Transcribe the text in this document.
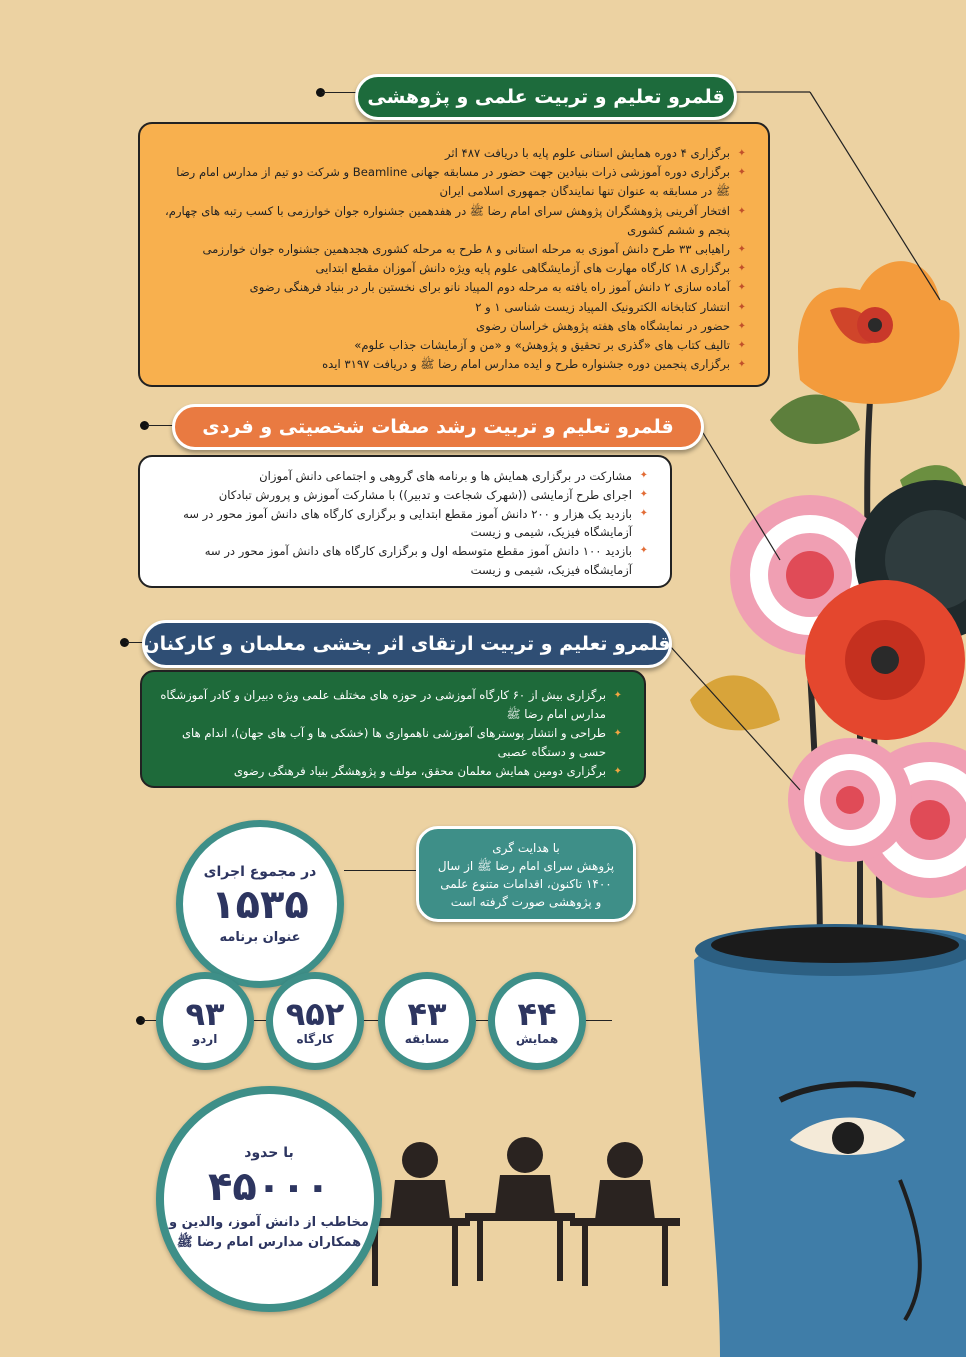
قلمرو تعلیم و تربیت علمی و پژوهشی
✦ برگزاری ۴ دوره همایش استانی علوم پایه با دریافت ۴۸۷ اثر
✦ برگزاری دوره آموزشی ذرات بنیادین جهت حضور در مسابقه جهانی Beamline و شرکت دو تیم از مدارس امام رضا ﷺ در مسابقه به عنوان تنها نمایندگان جمهوری اسلامی ایران
✦ افتخار آفرینی پژوهشگران پژوهش سرای امام رضا ﷺ در هفدهمین جشنواره جوان خوارزمی با کسب رتبه های چهارم، پنجم و ششم کشوری
✦ راهیابی ۳۳ طرح دانش آموزی به مرحله استانی و ۸ طرح به مرحله کشوری هجدهمین جشنواره جوان خوارزمی
✦ برگزاری ۱۸ کارگاه مهارت های آزمایشگاهی علوم پایه ویژه دانش آموزان مقطع ابتدایی
✦ آماده سازی ۲ دانش آموز راه یافته به مرحله دوم المپیاد نانو برای نخستین بار در بنیاد فرهنگی رضوی
✦ انتشار کتابخانه الکترونیک المپیاد زیست شناسی ۱ و ۲
✦ حضور در نمایشگاه های هفته پژوهش خراسان رضوی
✦ تالیف کتاب های «گذری بر تحقیق و پژوهش» و «من و آزمایشات جذاب علوم»
✦ برگزاری پنجمین دوره جشنواره طرح و ایده مدارس امام رضا ﷺ و دریافت ۳۱۹۷ ایده
قلمرو تعلیم و تربیت رشد صفات شخصیتی و فردی
✦ مشارکت در برگزاری همایش ها و برنامه های گروهی و اجتماعی دانش آموزان
✦ اجرای طرح آزمایشی ((شهرک شجاعت و تدبیر)) با مشارکت آموزش و پرورش تبادکان
✦ بازدید یک هزار و ۲۰۰ دانش آموز مقطع ابتدایی و برگزاری کارگاه های دانش آموز محور در سه آزمایشگاه فیزیک، شیمی و زیست
✦ بازدید ۱۰۰ دانش آموز مقطع متوسطه اول و برگزاری کارگاه های دانش آموز محور در سه آزمایشگاه فیزیک، شیمی و زیست
قلمرو تعلیم و تربیت ارتقای اثر بخشی معلمان و کارکنان
✦ برگزاری بیش از ۶۰ کارگاه آموزشی در حوزه های مختلف علمی ویژه دبیران و کادر آموزشگاه مدارس امام رضا ﷺ
✦ طراحی و انتشار پوسترهای آموزشی ناهمواری ها (خشکی ها و آب های جهان)، اندام های حسی و دستگاه عصبی
✦ برگزاری دومین همایش معلمان محقق، مولف و پژوهشگر بنیاد فرهنگی رضوی
در مجموع اجرای
۱۵۳۵
عنوان برنامه
با هدایت گری
پژوهش سرای امام رضا ﷺ از سال
۱۴۰۰ تاکنون، اقدامات متنوع علمی
و پژوهشی صورت گرفته است
۴۴
همایش
۴۳
مسابقه
۹۵۲
کارگاه
۹۳
اردو
با حدود
۴۵۰۰۰
مخاطب از دانش آموز، والدین و
همکاران مدارس امام رضا ﷺ
